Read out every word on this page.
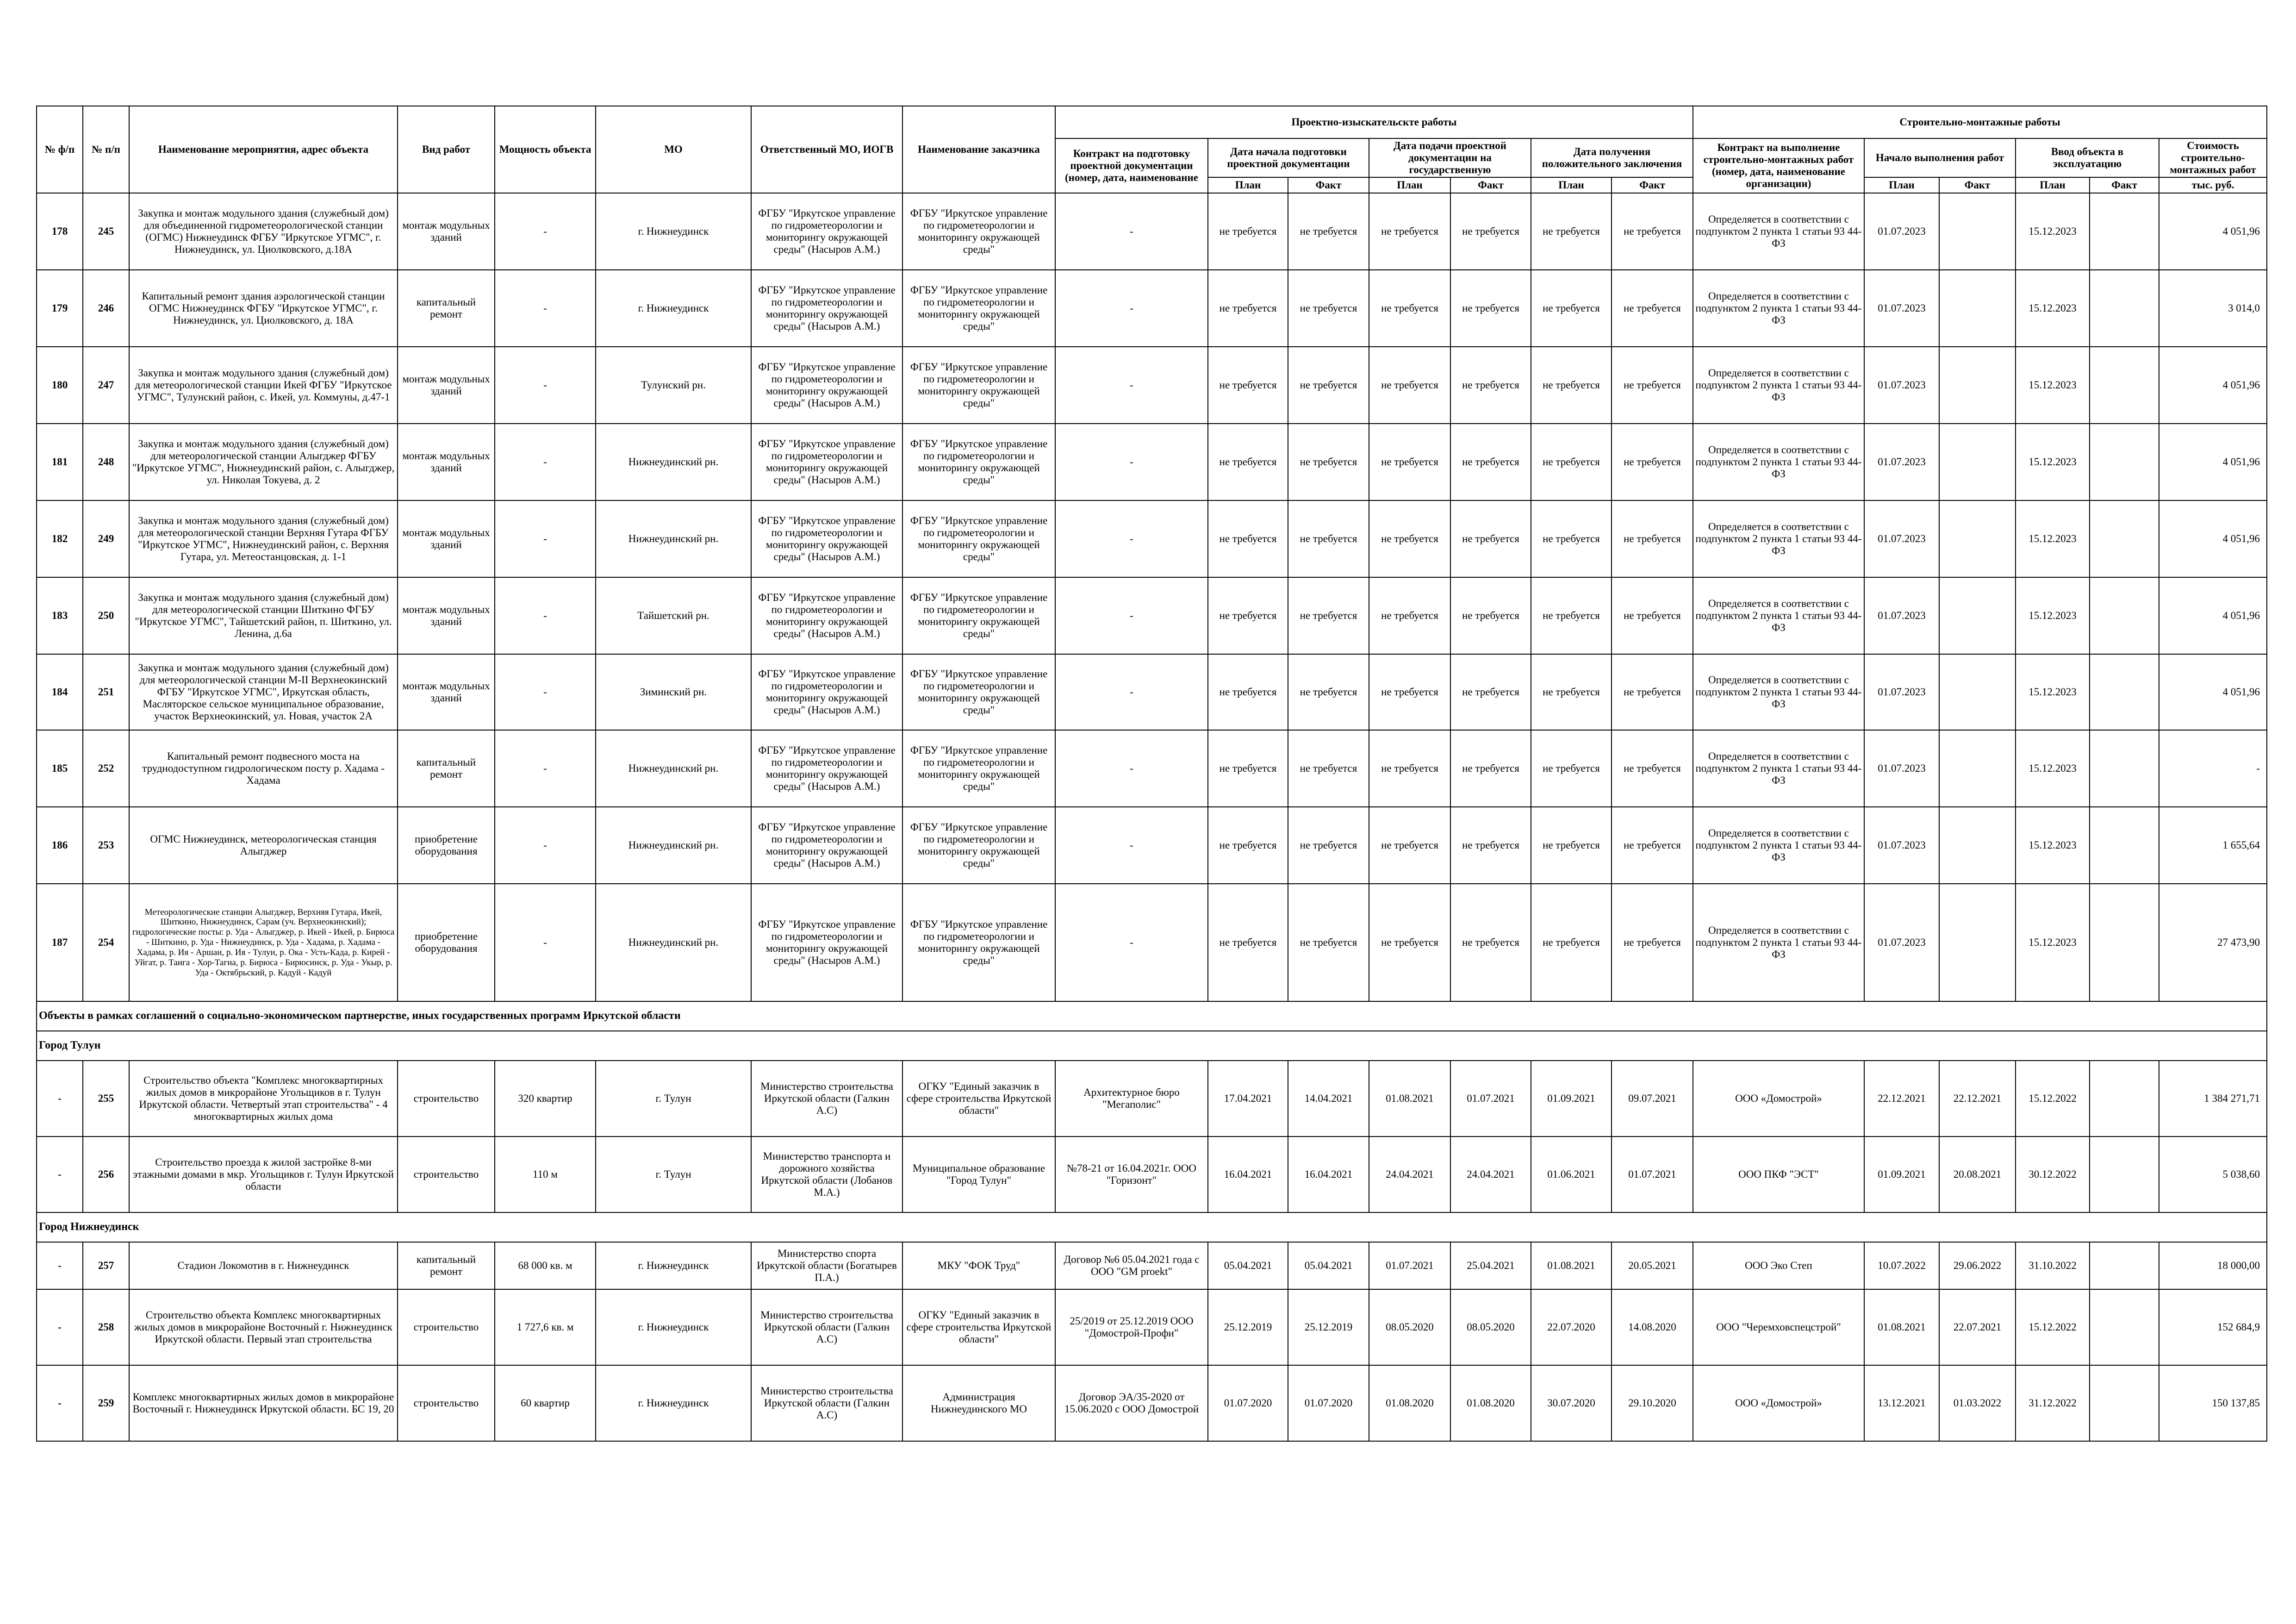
№ ф/п	№ п/п	Наименование мероприятия, адрес объекта	Вид работ	Мощность объекта	МО	Ответственный МО, ИОГВ	Наименование заказчика	Проектно-изыскательсктe работы							Строительно-монтажные работы					
								Контракт на подготовку проектной документации (номер, дата, наименование	Дата начала подготовки проектной документации		Дата подачи проектной документации на государственную		Дата получения положительного заключения		Контракт на выполнение строительно-монтажных работ (номер, дата, наименование организации)	Начало выполнения работ		Ввод объекта в эксплуатацию		Стоимость строительно-монтажных работ
									План	Факт	План	Факт	План	Факт		План	Факт	План	Факт	тыс. руб.
178	245	Закупка и монтаж модульного здания (служебный дом) для объединенной гидрометеорологической станции (ОГМС) Нижнеудинск ФГБУ "Иркутское УГМС", г. Нижнеудинск, ул. Циолковского, д.18А	монтаж модульных зданий	-	г. Нижнеудинск	ФГБУ "Иркутское управление по гидрометеорологии и мониторингу окружающей среды" (Насыров А.М.)	ФГБУ "Иркутское управление по гидрометеорологии и мониторингу окружающей среды"	-	не требуется	не требуется	не требуется	не требуется	не требуется	не требуется	Определяется в соответствии с подпунктом 2 пункта 1 статьи 93 44-ФЗ	01.07.2023		15.12.2023		4 051,96
179	246	Капитальный ремонт здания аэрологической станции ОГМС Нижнеудинск ФГБУ "Иркутское УГМС", г. Нижнеудинск, ул. Циолковского, д. 18А	капитальный ремонт	-	г. Нижнеудинск	ФГБУ "Иркутское управление по гидрометеорологии и мониторингу окружающей среды" (Насыров А.М.)	ФГБУ "Иркутское управление по гидрометеорологии и мониторингу окружающей среды"	-	не требуется	не требуется	не требуется	не требуется	не требуется	не требуется	Определяется в соответствии с подпунктом 2 пункта 1 статьи 93 44-ФЗ	01.07.2023		15.12.2023		3 014,0
180	247	Закупка и монтаж модульного здания (служебный дом) для метеорологической станции Икей ФГБУ "Иркутское УГМС", Тулунский район, с. Икей, ул. Коммуны, д.47-1	монтаж модульных зданий	-	Тулунский рн.	ФГБУ "Иркутское управление по гидрометеорологии и мониторингу окружающей среды" (Насыров А.М.)	ФГБУ "Иркутское управление по гидрометеорологии и мониторингу окружающей среды"	-	не требуется	не требуется	не требуется	не требуется	не требуется	не требуется	Определяется в соответствии с подпунктом 2 пункта 1 статьи 93 44-ФЗ	01.07.2023		15.12.2023		4 051,96
181	248	Закупка и монтаж модульного здания (служебный дом) для метеорологической станции Алыгджер ФГБУ "Иркутское УГМС", Нижнеудинский район, с. Алыгджер, ул. Николая Токуева, д. 2	монтаж модульных зданий	-	Нижнеудинский рн.	ФГБУ "Иркутское управление по гидрометеорологии и мониторингу окружающей среды" (Насыров А.М.)	ФГБУ "Иркутское управление по гидрометеорологии и мониторингу окружающей среды"	-	не требуется	не требуется	не требуется	не требуется	не требуется	не требуется	Определяется в соответствии с подпунктом 2 пункта 1 статьи 93 44-ФЗ	01.07.2023		15.12.2023		4 051,96
182	249	Закупка и монтаж модульного здания (служебный дом) для метеорологической станции Верхняя Гутара ФГБУ "Иркутское УГМС", Нижнеудинский район, с. Верхняя Гутара, ул. Метеостанцовская, д. 1-1	монтаж модульных зданий	-	Нижнеудинский рн.	ФГБУ "Иркутское управление по гидрометеорологии и мониторингу окружающей среды" (Насыров А.М.)	ФГБУ "Иркутское управление по гидрометеорологии и мониторингу окружающей среды"	-	не требуется	не требуется	не требуется	не требуется	не требуется	не требуется	Определяется в соответствии с подпунктом 2 пункта 1 статьи 93 44-ФЗ	01.07.2023		15.12.2023		4 051,96
183	250	Закупка и монтаж модульного здания (служебный дом) для метеорологической станции Шиткино ФГБУ "Иркутское УГМС", Тайшетский район, п. Шиткино, ул. Ленина, д.6а	монтаж модульных зданий	-	Тайшетский рн.	ФГБУ "Иркутское управление по гидрометеорологии и мониторингу окружающей среды" (Насыров А.М.)	ФГБУ "Иркутское управление по гидрометеорологии и мониторингу окружающей среды"	-	не требуется	не требуется	не требуется	не требуется	не требуется	не требуется	Определяется в соответствии с подпунктом 2 пункта 1 статьи 93 44-ФЗ	01.07.2023		15.12.2023		4 051,96
184	251	Закупка и монтаж модульного здания (служебный дом) для метеорологической станции М-II Верхнеокинский ФГБУ "Иркутское УГМС", Иркутская область, Масляторское сельское муниципальное образование, участок Верхнеокинский, ул. Новая, участок 2А	монтаж модульных зданий	-	Зиминский рн.	ФГБУ "Иркутское управление по гидрометеорологии и мониторингу окружающей среды" (Насыров А.М.)	ФГБУ "Иркутское управление по гидрометеорологии и мониторингу окружающей среды"	-	не требуется	не требуется	не требуется	не требуется	не требуется	не требуется	Определяется в соответствии с подпунктом 2 пункта 1 статьи 93 44-ФЗ	01.07.2023		15.12.2023		4 051,96
185	252	Капитальный ремонт подвесного моста на труднодоступном гидрологическом посту р. Хадама - Хадама	капитальный ремонт	-	Нижнеудинский рн.	ФГБУ "Иркутское управление по гидрометеорологии и мониторингу окружающей среды" (Насыров А.М.)	ФГБУ "Иркутское управление по гидрометеорологии и мониторингу окружающей среды"	-	не требуется	не требуется	не требуется	не требуется	не требуется	не требуется	Определяется в соответствии с подпунктом 2 пункта 1 статьи 93 44-ФЗ	01.07.2023		15.12.2023		-
186	253	ОГМС Нижнеудинск, метеорологическая станция Алыгджер	приобретение оборудования	-	Нижнеудинский рн.	ФГБУ "Иркутское управление по гидрометеорологии и мониторингу окружающей среды" (Насыров А.М.)	ФГБУ "Иркутское управление по гидрометеорологии и мониторингу окружающей среды"	-	не требуется	не требуется	не требуется	не требуется	не требуется	не требуется	Определяется в соответствии с подпунктом 2 пункта 1 статьи 93 44-ФЗ	01.07.2023		15.12.2023		1 655,64
187	254	Метеорологические станции Алыгджер, Верхняя Гутара, Икей, Шиткино, Нижнеудинск, Сарам (уч. Верхнеокинский); гидрологические посты: р. Уда - Алыгджер, р. Икей - Икей, р. Бирюса - Шиткино, р. Уда - Нижнеудинск, р. Уда - Хадама, р. Хадама - Хадама, р. Ия - Аршан, р. Ия - Тулун, р. Ока - Усть-Када, р. Кирей - Уйгат, р. Таига - Хор-Тагна, р. Бирюса - Бирюсинск, р. Уда - Укыр, р. Уда - Октябрьский, р. Кадуй - Кадуй	приобретение оборудования	-	Нижнеудинский рн.	ФГБУ "Иркутское управление по гидрометеорологии и мониторингу окружающей среды" (Насыров А.М.)	ФГБУ "Иркутское управление по гидрометеорологии и мониторингу окружающей среды"	-	не требуется	не требуется	не требуется	не требуется	не требуется	не требуется	Определяется в соответствии с подпунктом 2 пункта 1 статьи 93 44-ФЗ	01.07.2023		15.12.2023		27 473,90
Объекты в рамках соглашений о социально-экономическом партнерстве, иных государственных программ Иркутской области																				
Город Тулун																				
-	255	Строительство объекта "Комплекс многоквартирных жилых домов в микрорайоне Угольщиков в г. Тулун Иркутской области. Четвертый этап строительства" - 4 многоквартирных жилых дома	строительство	320 квартир	г. Тулун	Министерство строительства Иркутской области (Галкин А.С)	ОГКУ "Единый заказчик в сфере строительства Иркутской области"	Архитектурное бюро "Мегаполис"	17.04.2021	14.04.2021	01.08.2021	01.07.2021	01.09.2021	09.07.2021	ООО «Домострой»	22.12.2021	22.12.2021	15.12.2022		1 384 271,71
-	256	Строительство проезда к жилой застройке 8-ми этажными домами в мкр. Угольщиков г. Тулун Иркутской области	строительство	110 м	г. Тулун	Министерство транспорта и дорожного хозяйства Иркутской области (Лобанов М.А.)	Муниципальное образование "Город Тулун"	№78-21 от 16.04.2021г. ООО "Горизонт"	16.04.2021	16.04.2021	24.04.2021	24.04.2021	01.06.2021	01.07.2021	ООО ПКФ "ЭСТ"	01.09.2021	20.08.2021	30.12.2022		5 038,60
Город Нижнеудинск																				
-	257	Стадион Локомотив в г. Нижнеудинск	капитальный ремонт	68 000 кв. м	г. Нижнеудинск	Министерство спорта Иркутской области (Богатырев П.А.)	МКУ "ФОК Труд"	Договор №6 05.04.2021 года с ООО "GM proekt"	05.04.2021	05.04.2021	01.07.2021	25.04.2021	01.08.2021	20.05.2021	ООО Эко Степ	10.07.2022	29.06.2022	31.10.2022		18 000,00
-	258	Строительство объекта Комплекс многоквартирных жилых домов в микрорайоне Восточный г. Нижнеудинск Иркутской области. Первый этап строительства	строительство	1 727,6 кв. м	г. Нижнеудинск	Министерство строительства Иркутской области (Галкин А.С)	ОГКУ "Единый заказчик в сфере строительства Иркутской области"	25/2019 от 25.12.2019 ООО "Домострой-Профи"	25.12.2019	25.12.2019	08.05.2020	08.05.2020	22.07.2020	14.08.2020	ООО "Черемховспецстрой"	01.08.2021	22.07.2021	15.12.2022		152 684,9
-	259	Комплекс многоквартирных жилых домов в микрорайоне Восточный г. Нижнеудинск Иркутской области. БС 19, 20	строительство	60 квартир	г. Нижнеудинск	Министерство строительства Иркутской области (Галкин А.С)	Администрация Нижнеудинского МО	Договор ЭА/35-2020 от 15.06.2020 с ООО Домострой	01.07.2020	01.07.2020	01.08.2020	01.08.2020	30.07.2020	29.10.2020	ООО «Домострой»	13.12.2021	01.03.2022	31.12.2022		150 137,85
